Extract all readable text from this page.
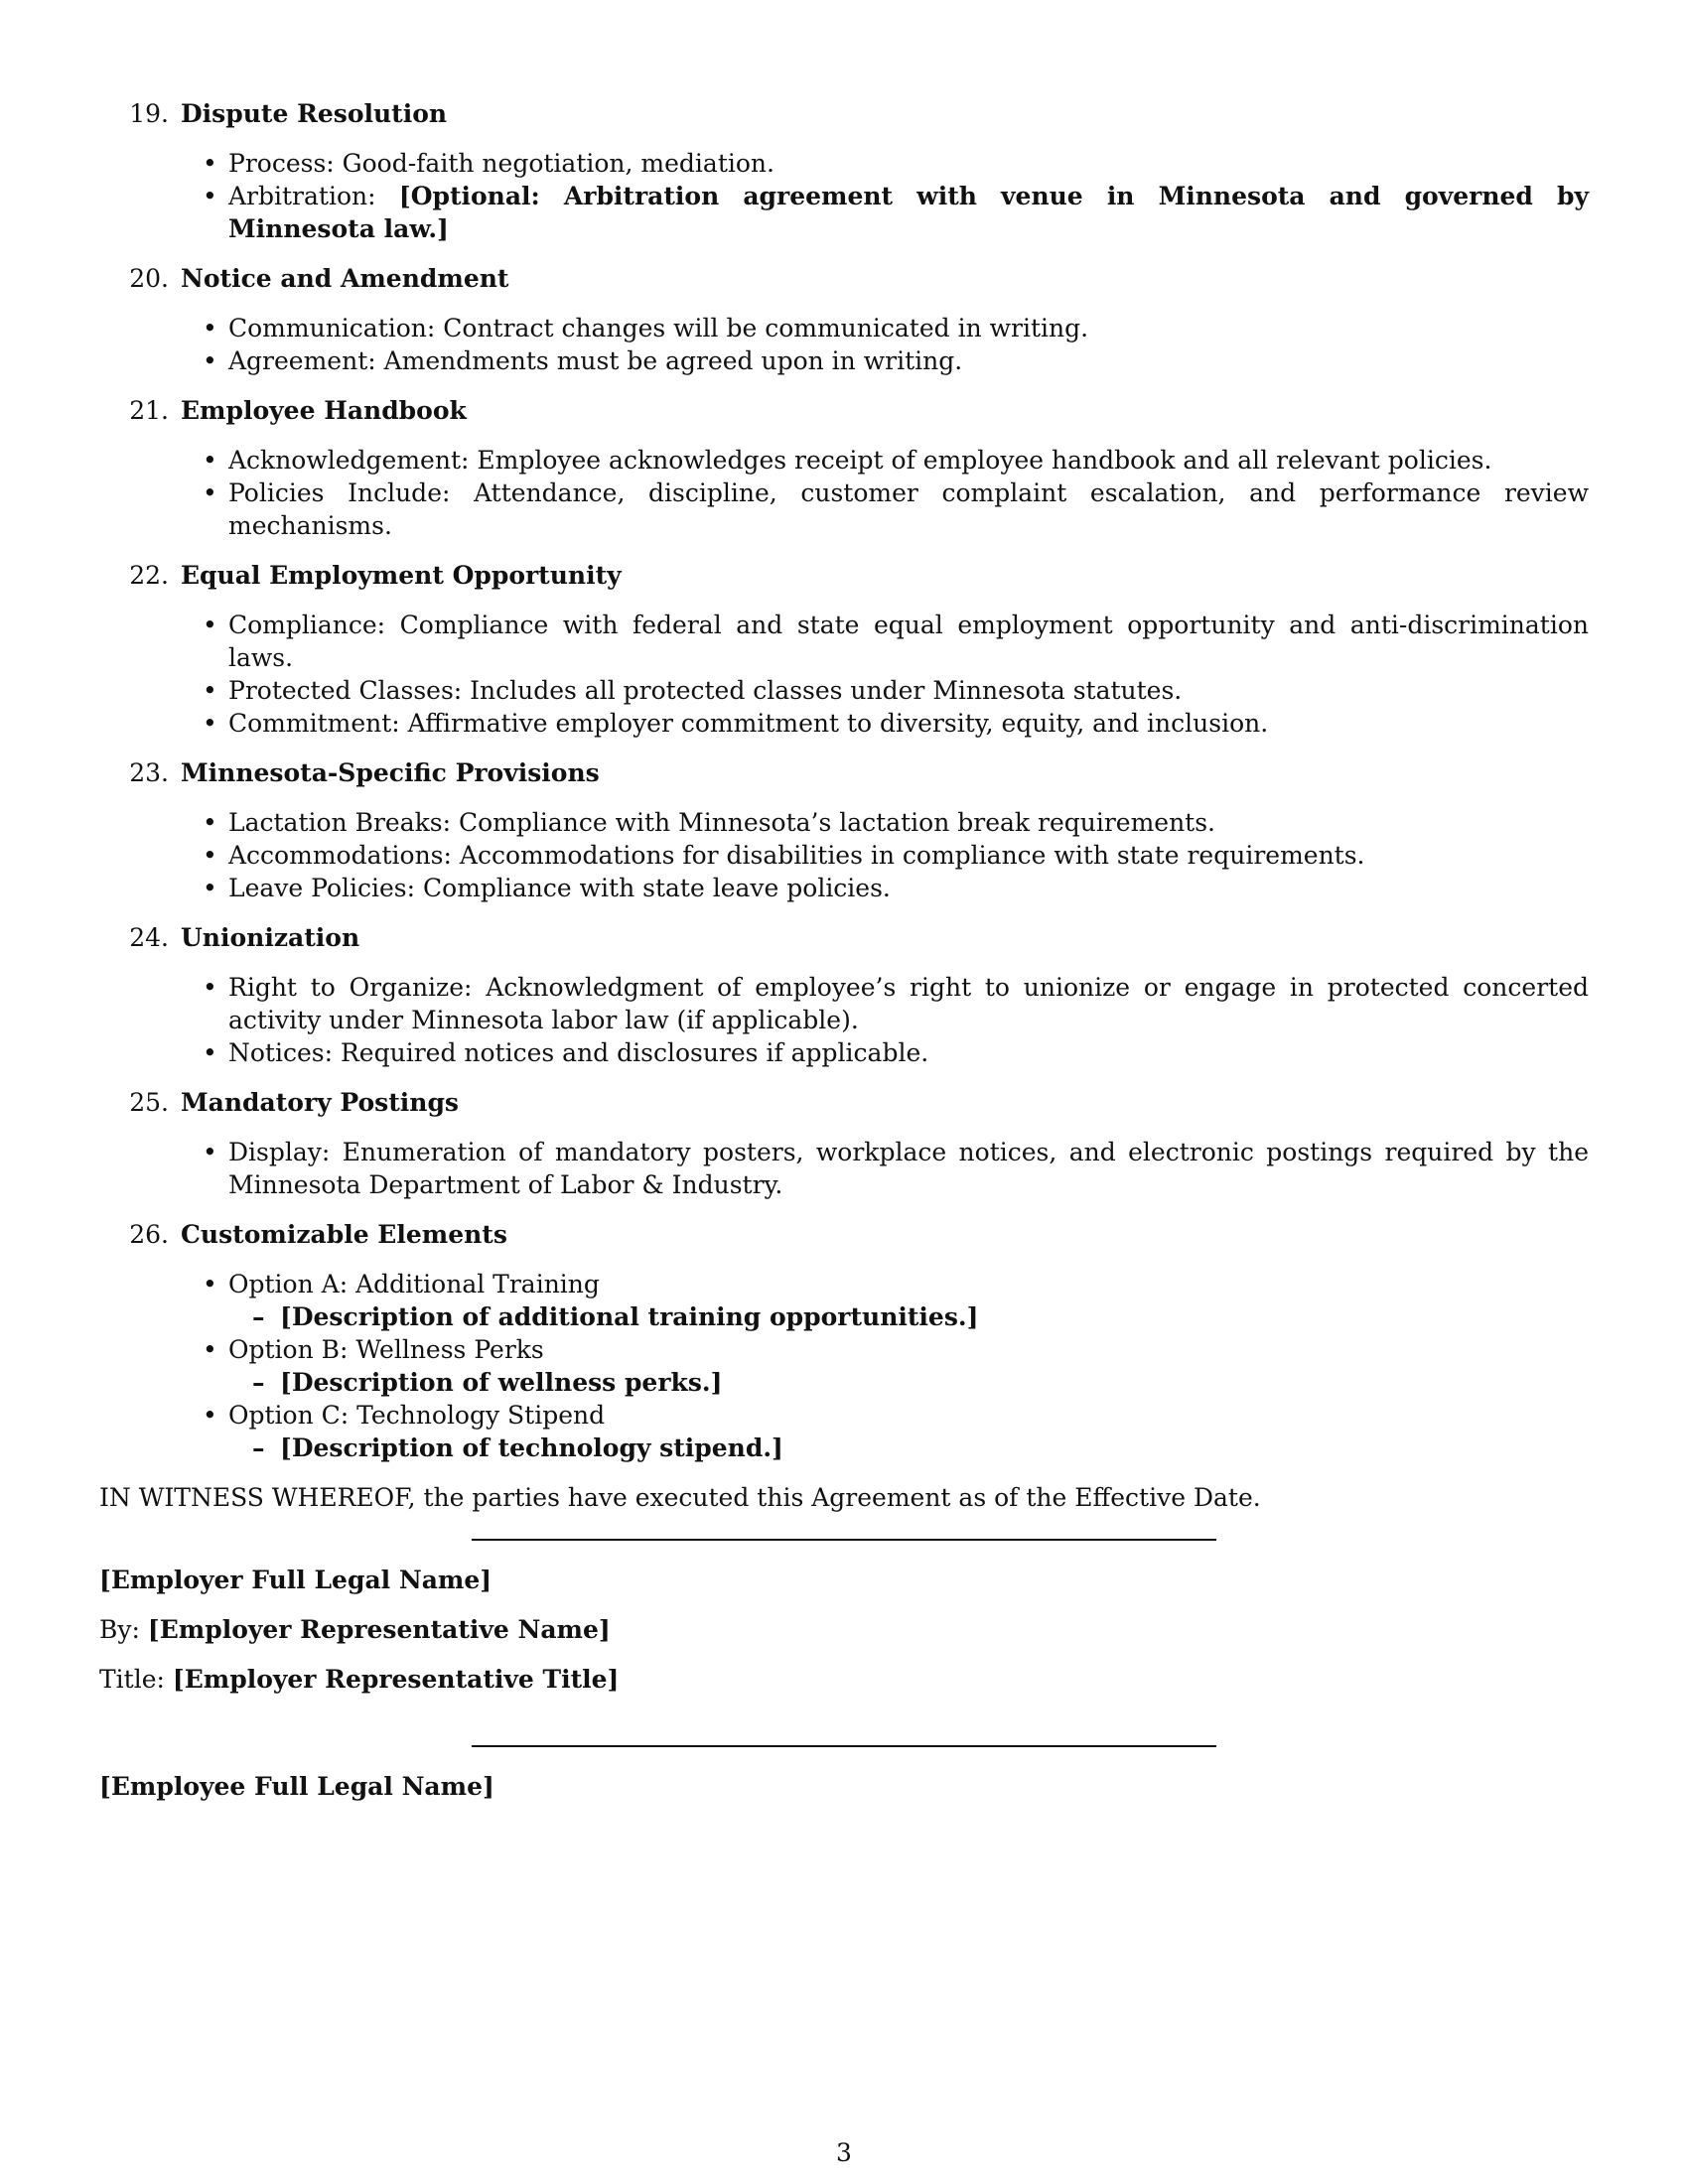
19. Dispute Resolution
• Process: Good-faith negotiation, mediation.
• Arbitration: [Optional: Arbitration agreement with venue in Minnesota and governed by Minnesota law.]
20. Notice and Amendment
• Communication: Contract changes will be communicated in writing.
• Agreement: Amendments must be agreed upon in writing.
21. Employee Handbook
• Acknowledgement: Employee acknowledges receipt of employee handbook and all relevant policies.
• Policies Include: Attendance, discipline, customer complaint escalation, and performance review mechanisms.
22. Equal Employment Opportunity
• Compliance: Compliance with federal and state equal employment opportunity and anti-discrimination laws.
• Protected Classes: Includes all protected classes under Minnesota statutes.
• Commitment: Affirmative employer commitment to diversity, equity, and inclusion.
23. Minnesota-Specific Provisions
• Lactation Breaks: Compliance with Minnesota’s lactation break requirements.
• Accommodations: Accommodations for disabilities in compliance with state requirements.
• Leave Policies: Compliance with state leave policies.
24. Unionization
• Right to Organize: Acknowledgment of employee’s right to unionize or engage in protected concerted activity under Minnesota labor law (if applicable).
• Notices: Required notices and disclosures if applicable.
25. Mandatory Postings
• Display: Enumeration of mandatory posters, workplace notices, and electronic postings required by the Minnesota Department of Labor & Industry.
26. Customizable Elements
• Option A: Additional Training
– [Description of additional training opportunities.]
• Option B: Wellness Perks
– [Description of wellness perks.]
• Option C: Technology Stipend
– [Description of technology stipend.]
IN WITNESS WHEREOF, the parties have executed this Agreement as of the Effective Date.
[Employer Full Legal Name]
By: [Employer Representative Name]
Title: [Employer Representative Title]
[Employee Full Legal Name]
3
